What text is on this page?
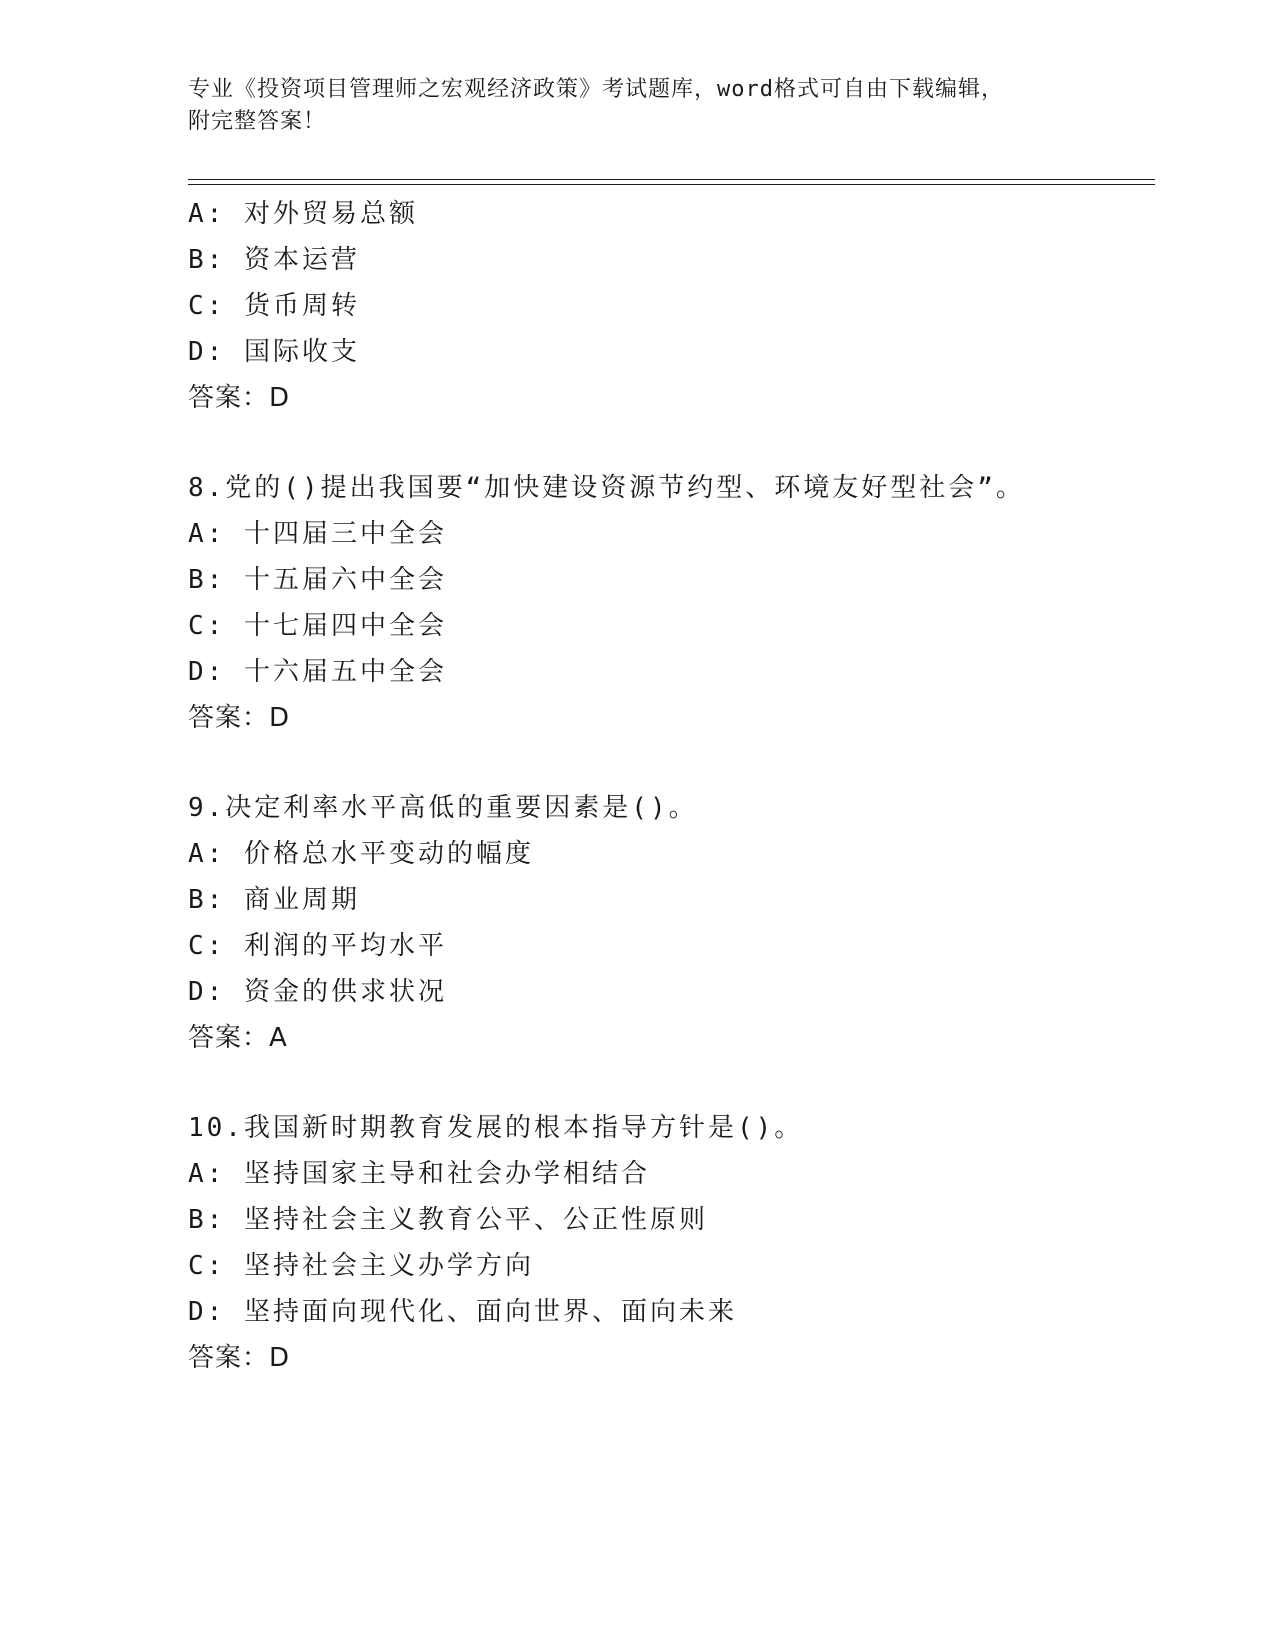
专业《投资项目管理师之宏观经济政策》考试题库，word格式可自由下载编辑，
附完整答案！
A: 对外贸易总额
B: 资本运营
C: 货币周转
D: 国际收支
答案：D
8.党的()提出我国要“加快建设资源节约型、环境友好型社会”。
A: 十四届三中全会
B: 十五届六中全会
C: 十七届四中全会
D: 十六届五中全会
答案：D
9.决定利率水平高低的重要因素是()。
A: 价格总水平变动的幅度
B: 商业周期
C: 利润的平均水平
D: 资金的供求状况
答案：A
10.我国新时期教育发展的根本指导方针是()。
A: 坚持国家主导和社会办学相结合
B: 坚持社会主义教育公平、公正性原则
C: 坚持社会主义办学方向
D: 坚持面向现代化、面向世界、面向未来
答案：D
